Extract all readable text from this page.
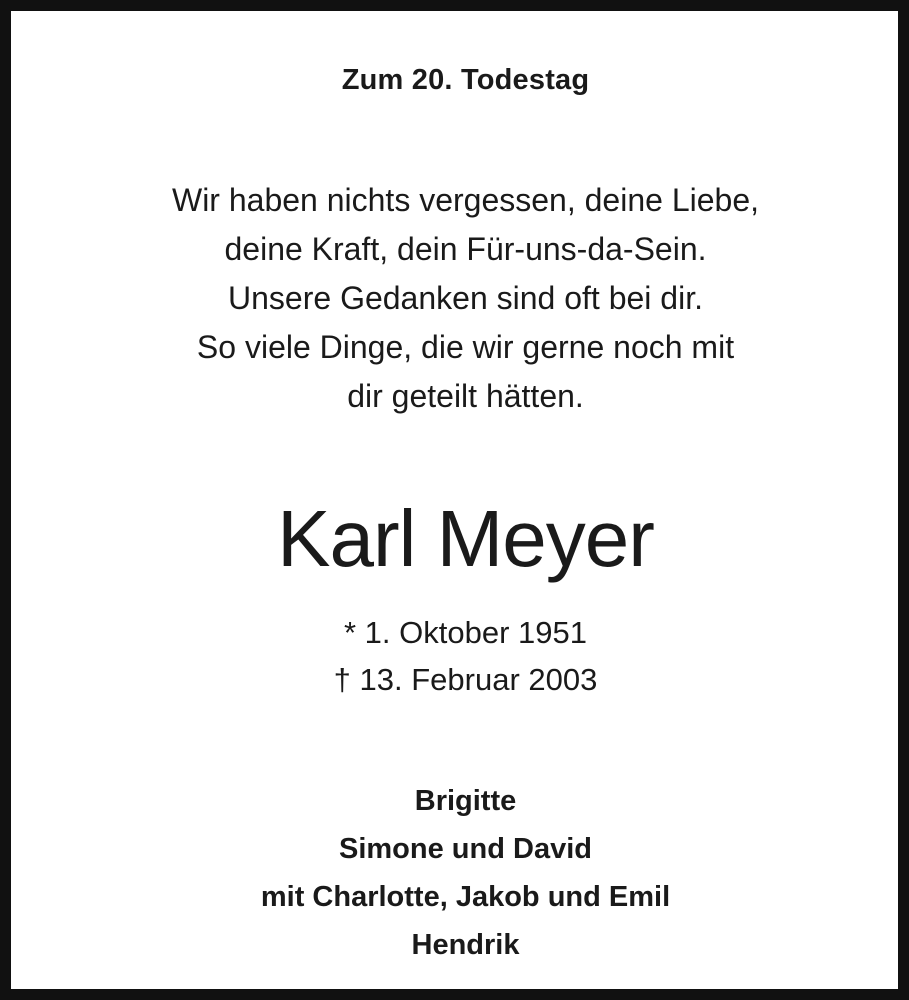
Zum 20. Todestag
Wir haben nichts vergessen, deine Liebe,
deine Kraft, dein Für-uns-da-Sein.
Unsere Gedanken sind oft bei dir.
So viele Dinge, die wir gerne noch mit
dir geteilt hätten.
Karl Meyer
* 1. Oktober 1951
† 13. Februar 2003
Brigitte
Simone und David
mit Charlotte, Jakob und Emil
Hendrik
